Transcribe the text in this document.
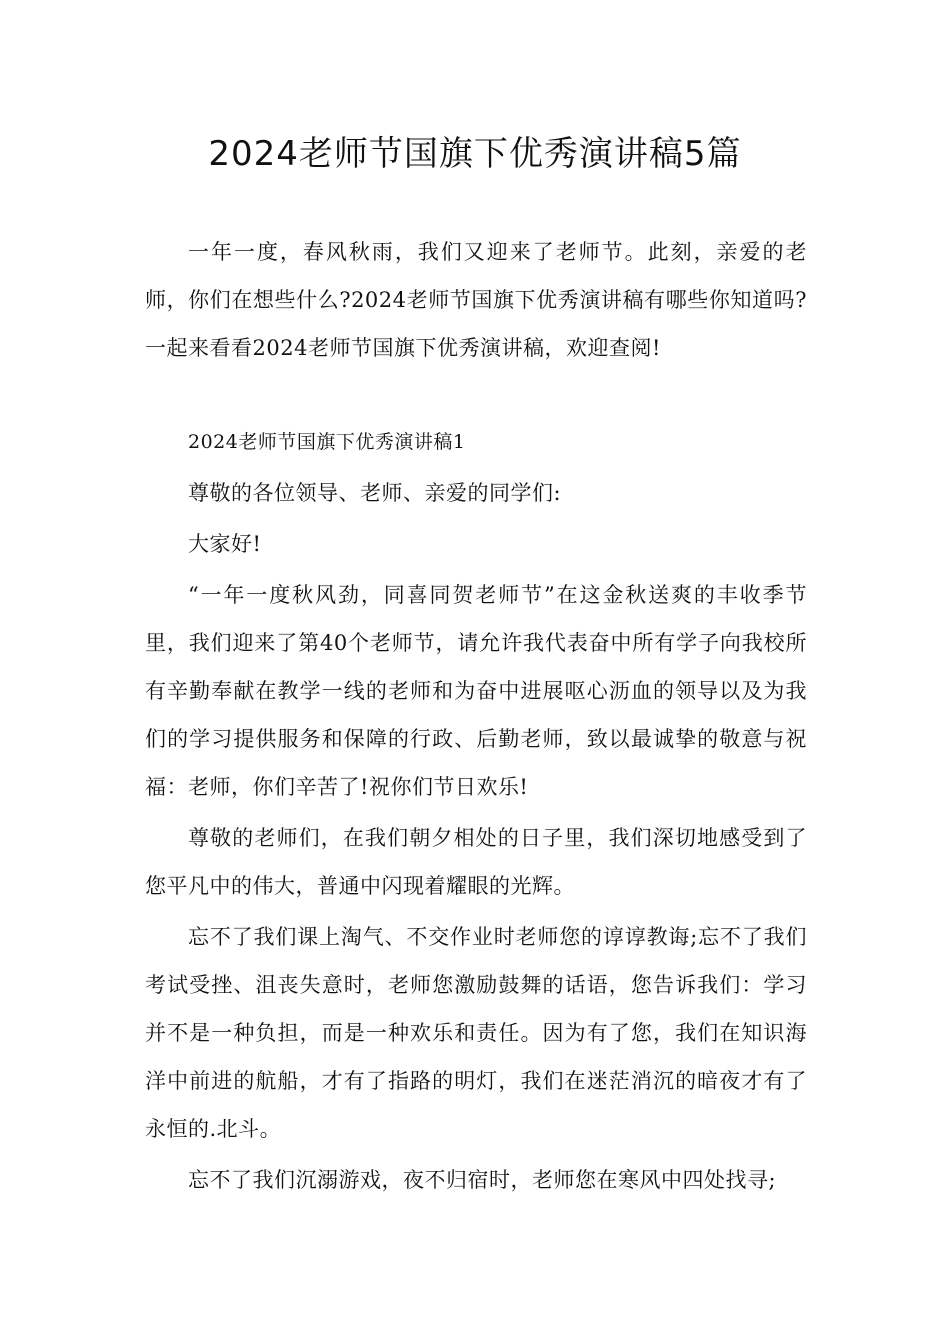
2024老师节国旗下优秀演讲稿5篇

一年一度，春风秋雨，我们又迎来了老师节。此刻，亲爱的老师，你们在想些什么?2024老师节国旗下优秀演讲稿有哪些你知道吗?一起来看看2024老师节国旗下优秀演讲稿，欢迎查阅!

2024老师节国旗下优秀演讲稿1

尊敬的各位领导、老师、亲爱的同学们:

大家好!

“一年一度秋风劲，同喜同贺老师节”在这金秋送爽的丰收季节里，我们迎来了第40个老师节，请允许我代表奋中所有学子向我校所有辛勤奉献在教学一线的老师和为奋中进展呕心沥血的领导以及为我们的学习提供服务和保障的行政、后勤老师，致以最诚挚的敬意与祝福：老师，你们辛苦了!祝你们节日欢乐!

尊敬的老师们，在我们朝夕相处的日子里，我们深切地感受到了您平凡中的伟大，普通中闪现着耀眼的光辉。

忘不了我们课上淘气、不交作业时老师您的谆谆教诲;忘不了我们考试受挫、沮丧失意时，老师您激励鼓舞的话语，您告诉我们：学习并不是一种负担，而是一种欢乐和责任。因为有了您，我们在知识海洋中前进的航船，才有了指路的明灯，我们在迷茫消沉的暗夜才有了永恒的.北斗。

忘不了我们沉溺游戏，夜不归宿时，老师您在寒风中四处找寻;
